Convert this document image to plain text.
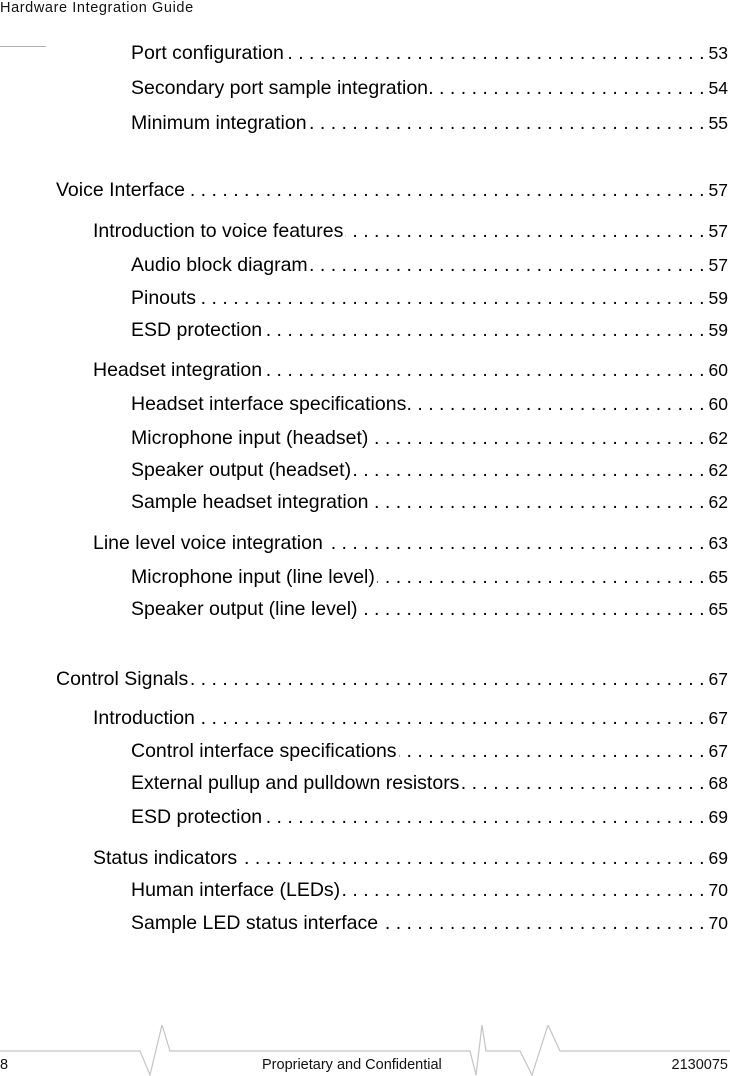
Hardware Integration Guide
Port configuration . . .	53
Secondary port sample integration . . .	54
Minimum integration . . .	55
Voice Interface . . .	57
Introduction to voice features . . .	57
Audio block diagram . . .	57
Pinouts . . .	59
ESD protection . . .	59
Headset integration . . .	60
Headset interface specifications . . .	60
Microphone input (headset) . . .	62
Speaker output (headset) . . .	62
Sample headset integration . . .	62
Line level voice integration . . .	63
Microphone input (line level) . . .	65
Speaker output (line level) . . .	65
Control Signals . . .	67
Introduction . . .	67
Control interface specifications . . .	67
External pullup and pulldown resistors . . .	68
ESD protection . . .	69
Status indicators . . .	69
Human interface (LEDs) . . .	70
Sample LED status interface . . .	70
8	Proprietary and Confidential	2130075
